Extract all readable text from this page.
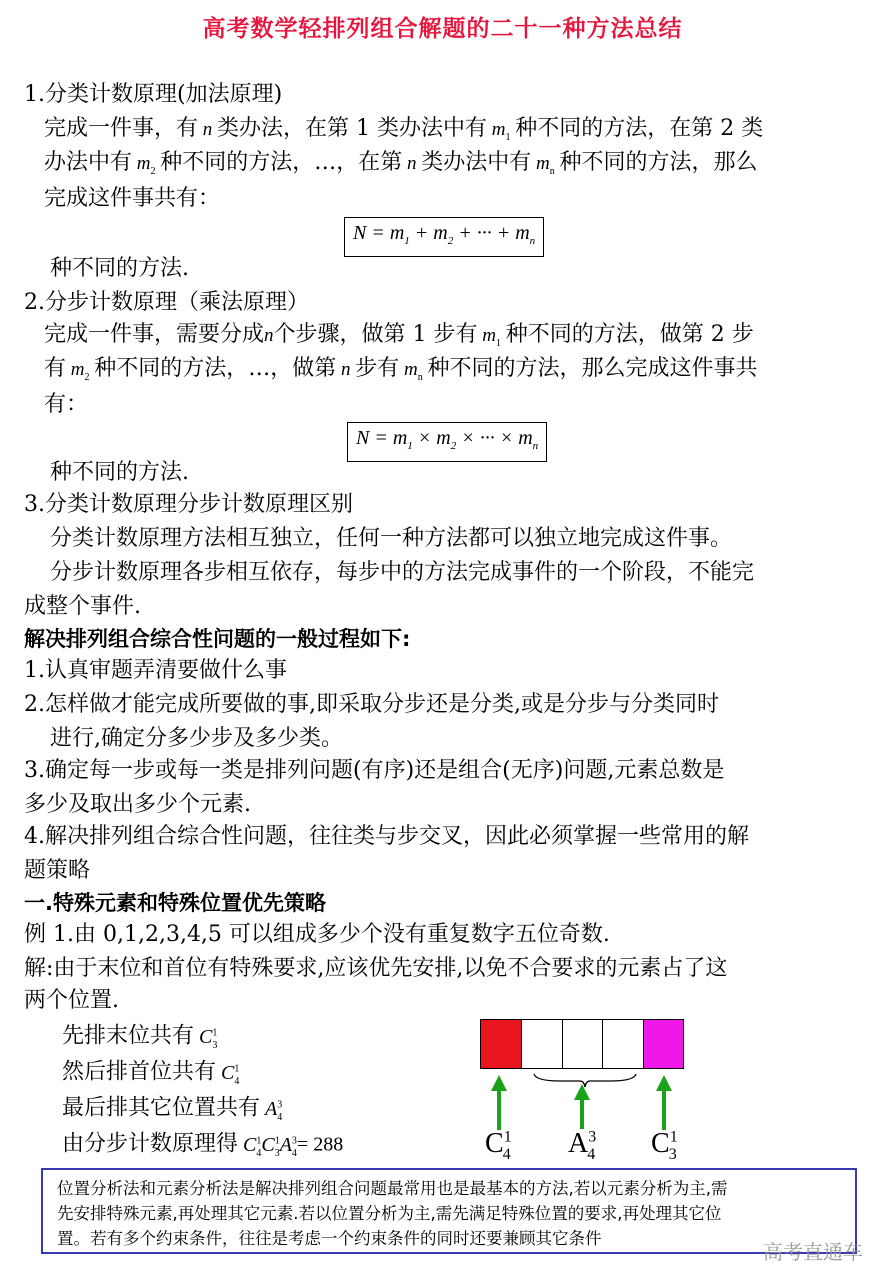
高考数学轻排列组合解题的二十一种方法总结
1.分类计数原理(加法原理)
完成一件事，有 n 类办法，在第 1 类办法中有 $m_1$ 种不同的方法，在第 2 类
办法中有 $m_2$ 种不同的方法，…，在第 n 类办法中有 $m_n$ 种不同的方法，那么
完成这件事共有：
$N = m_1 + m_2$ + ··· + $m_n$
种不同的方法.
2.分步计数原理（乘法原理）
完成一件事，需要分成n个步骤，做第 1 步有 $m_1$ 种不同的方法，做第 2 步
有 $m_2$ 种不同的方法，…，做第 n 步有 $m_n$ 种不同的方法，那么完成这件事共
有：
$N = m_1 \times m_2$ × ··· × $m_n$
种不同的方法.
3.分类计数原理分步计数原理区别
分类计数原理方法相互独立，任何一种方法都可以独立地完成这件事。
分步计数原理各步相互依存，每步中的方法完成事件的一个阶段，不能完
成整个事件.
解决排列组合综合性问题的一般过程如下:
1.认真审题弄清要做什么事
2.怎样做才能完成所要做的事,即采取分步还是分类,或是分步与分类同时
进行,确定分多少步及多少类。
3.确定每一步或每一类是排列问题(有序)还是组合(无序)问题,元素总数是
多少及取出多少个元素.
4.解决排列组合综合性问题，往往类与步交叉，因此必须掌握一些常用的解
题策略
一.特殊元素和特殊位置优先策略
例 1.由 0,1,2,3,4,5 可以组成多少个没有重复数字五位奇数.
解:由于末位和首位有特殊要求,应该优先安排,以免不合要求的元素占了这
两个位置.
先排末位共有 $C^1_3$
然后排首位共有 $C^1_4$
最后排其它位置共有 $A^3_4$
由分步计数原理得 $C^1_4C^1_3A^3_4= 288$	$C^1_4$ $A^3_4$ $C^1_3$
位置分析法和元素分析法是解决排列组合问题最常用也是最基本的方法,若以元素分析为主,需
先安排特殊元素,再处理其它元素.若以位置分析为主,需先满足特殊位置的要求,再处理其它位
置。若有多个约束条件，往往是考虑一个约束条件的同时还要兼顾其它条件
高考直通车
